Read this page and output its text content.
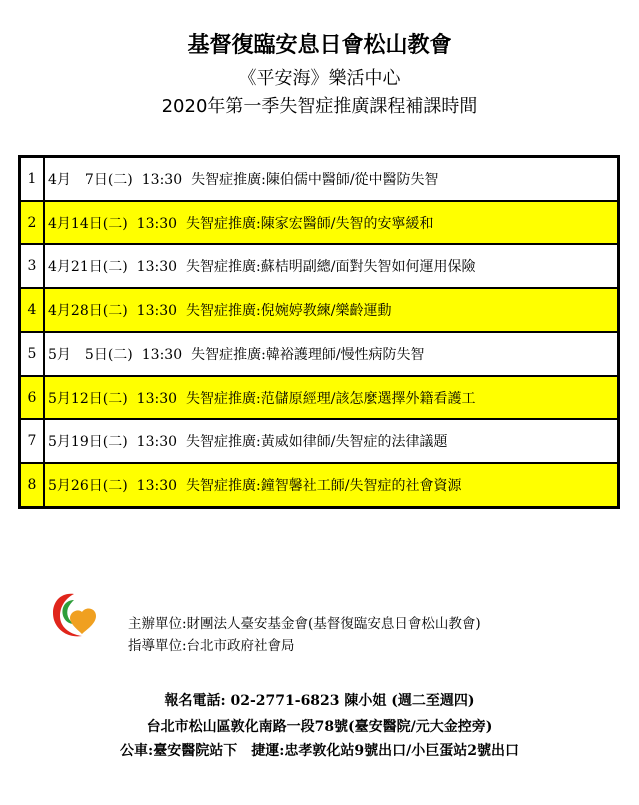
基督復臨安息日會松山教會
《平安海》樂活中心
2020年第一季失智症推廣課程補課時間
1	4月　7日(二) 13:30 失智症推廣:陳伯儒中醫師/從中醫防失智
2	4月14日(二) 13:30 失智症推廣:陳家宏醫師/失智的安寧緩和
3	4月21日(二) 13:30 失智症推廣:蘇桔明副總/面對失智如何運用保險
4	4月28日(二) 13:30 失智症推廣:倪婉婷教練/樂齡運動
5	5月　5日(二) 13:30 失智症推廣:韓裕護理師/慢性病防失智
6	5月12日(二) 13:30 失智症推廣:范儲原經理/該怎麼選擇外籍看護工
7	5月19日(二) 13:30 失智症推廣:黃威如律師/失智症的法律議題
8	5月26日(二) 13:30 失智症推廣:鐘智馨社工師/失智症的社會資源
主辦單位:財團法人臺安基金會(基督復臨安息日會松山教會)
指導單位:台北市政府社會局
報名電話: 02-2771-6823 陳小姐 (週二至週四)
台北市松山區敦化南路一段78號(臺安醫院/元大金控旁)
公車:臺安醫院站下　捷運:忠孝敦化站9號出口/小巨蛋站2號出口
